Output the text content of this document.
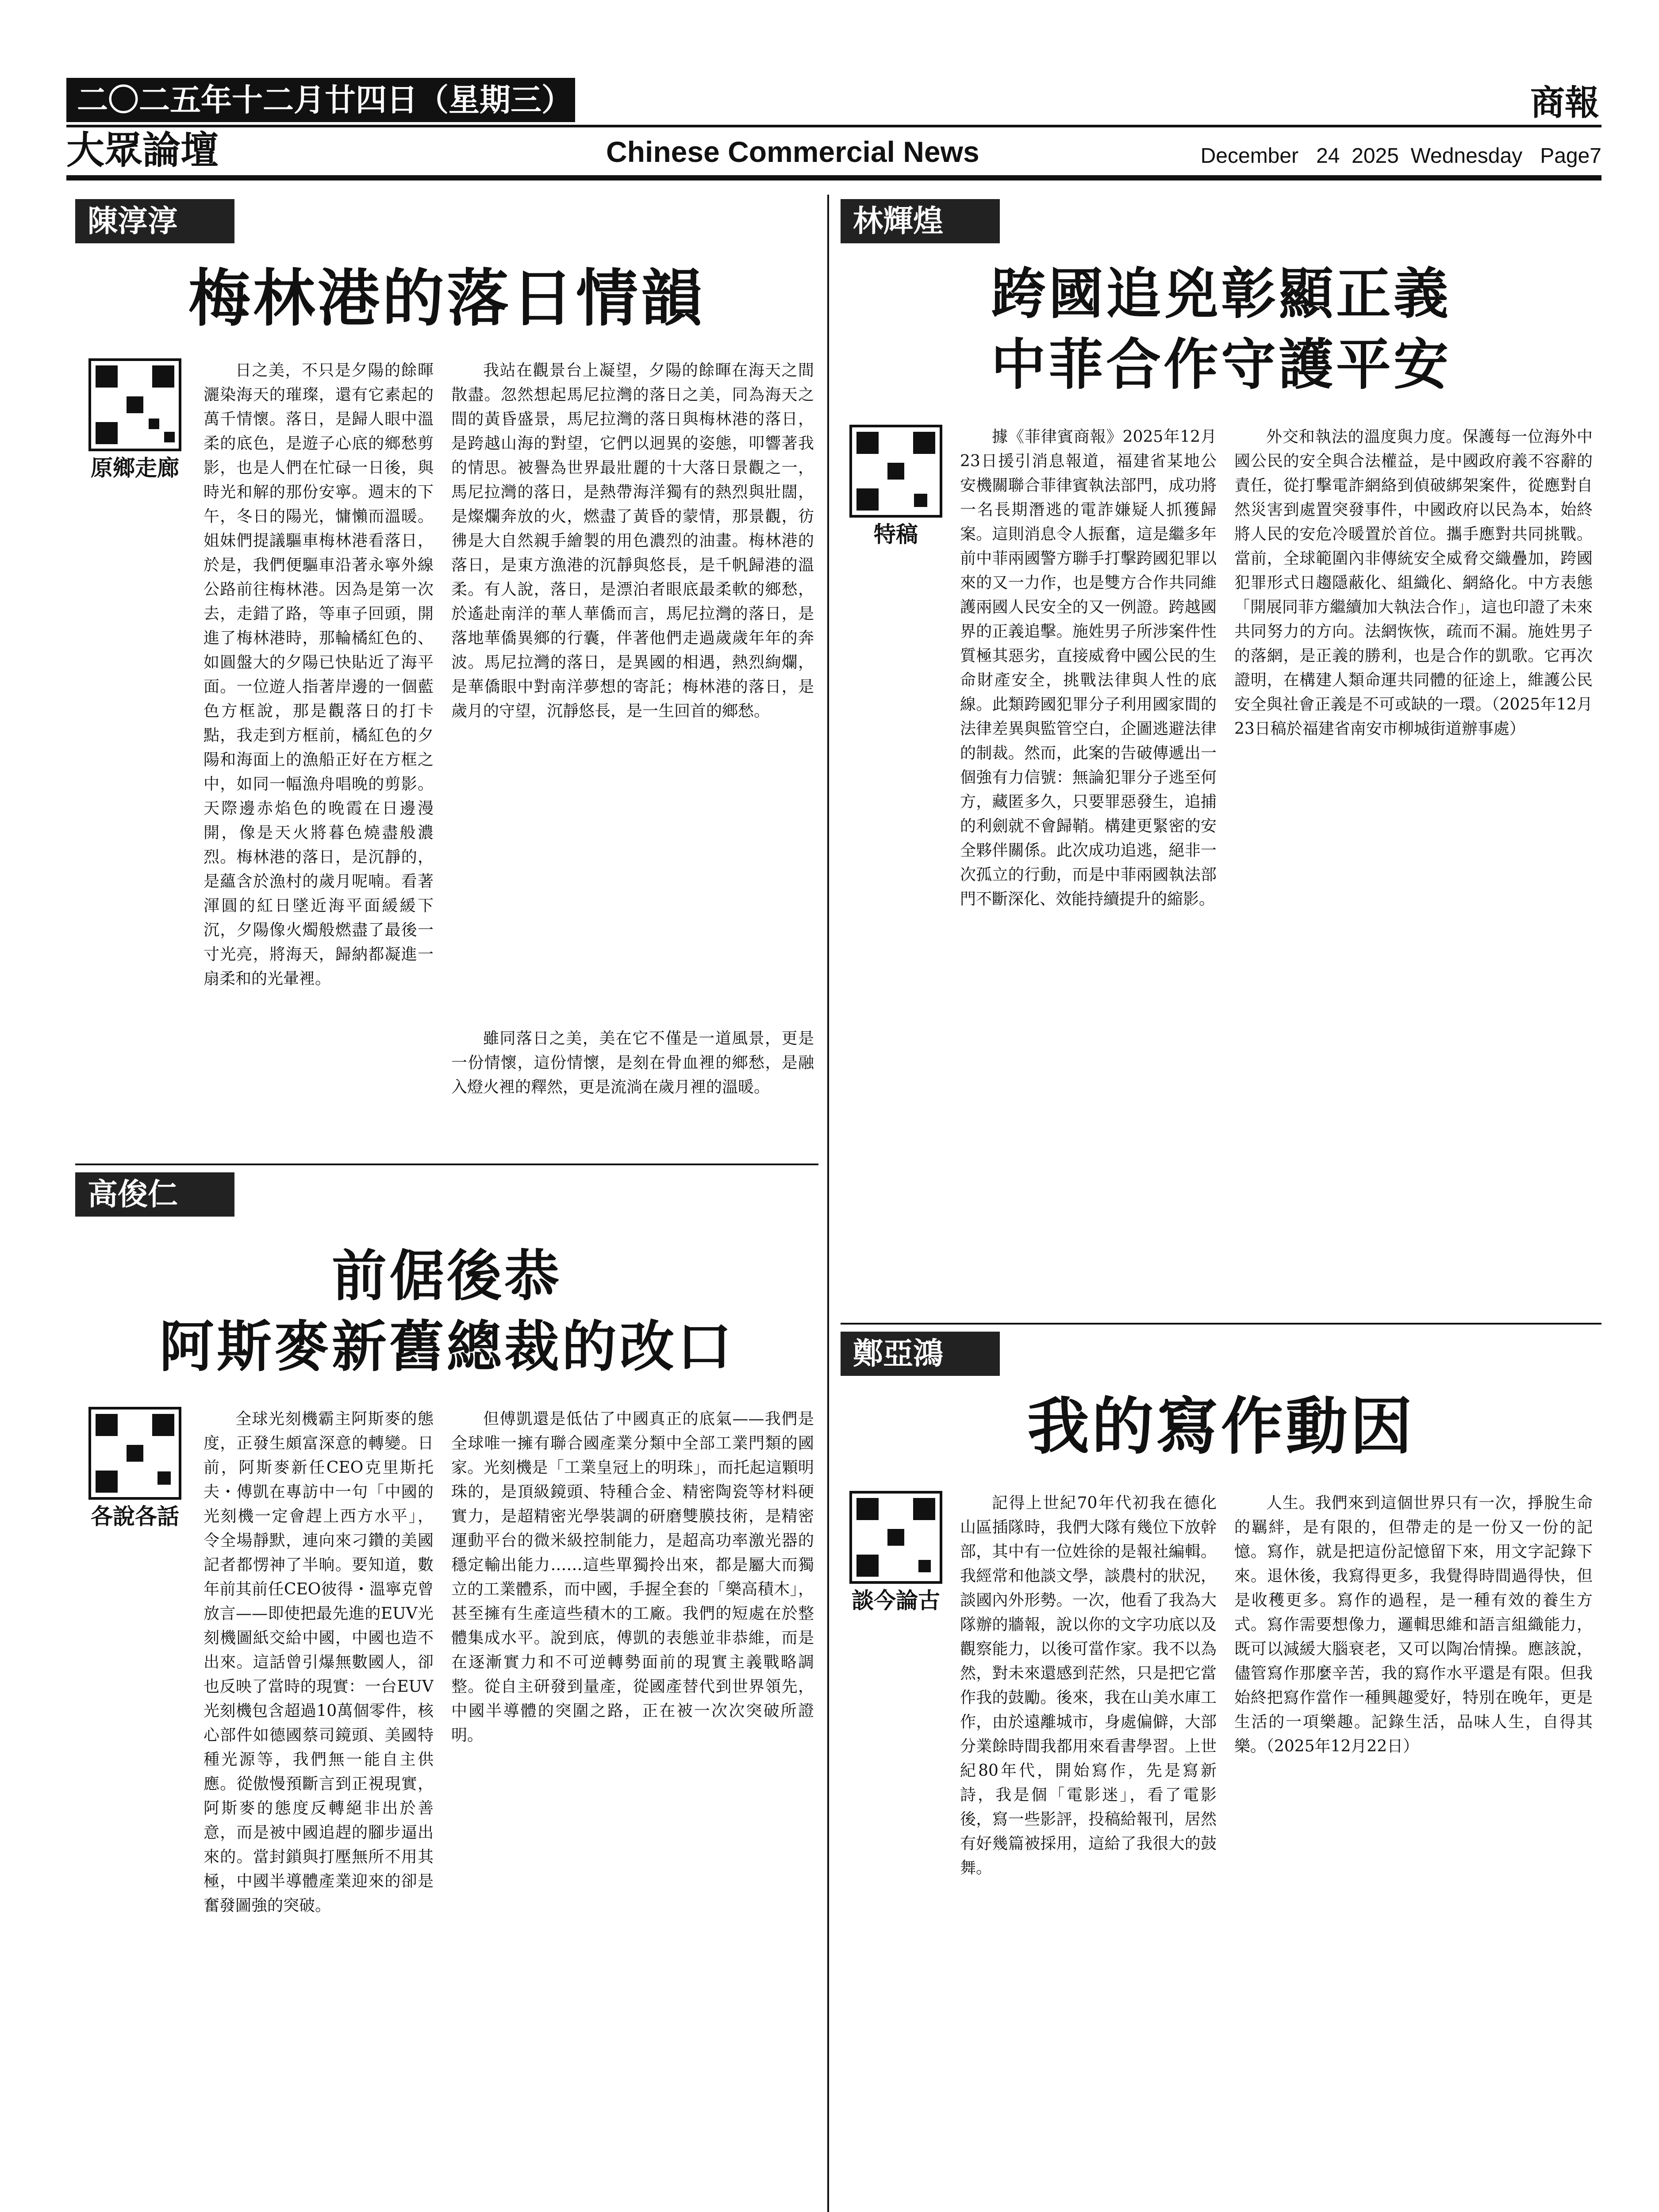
二〇二五年十二月廿四日（星期三）	商報
大眾論壇	Chinese Commercial News	December   24  2025  Wednesday   Page7
陳淳淳
梅林港的落日情韻
原鄉走廊
日之美，不只是夕陽的餘暉灑染海天的璀璨，還有它素起的萬千情懷。落日，是歸人眼中溫柔的底色，是遊子心底的鄉愁剪影，也是人們在忙碌一日後，與時光和解的那份安寧。週末的下午，冬日的陽光，慵懶而溫暖。姐妹們提議驅車梅林港看落日，於是，我們便驅車沿著永寧外線公路前往梅林港。因為是第一次去，走錯了路，等車子回頭，開進了梅林港時，那輪橘紅色的、如圓盤大的夕陽已快貼近了海平面。一位遊人指著岸邊的一個藍色方框說，那是觀落日的打卡點，我走到方框前，橘紅色的夕陽和海面上的漁船正好在方框之中，如同一幅漁舟唱晚的剪影。天際邊赤焰色的晚霞在日邊漫開，像是天火將暮色燒盡般濃烈。梅林港的落日，是沉靜的，是蘊含於漁村的歲月呢喃。看著渾圓的紅日墜近海平面緩緩下沉，夕陽像火燭般燃盡了最後一寸光亮，將海天，歸納都凝進一扇柔和的光暈裡。
我站在觀景台上凝望，夕陽的餘暉在海天之間散盡。忽然想起馬尼拉灣的落日之美，同為海天之間的黃昏盛景，馬尼拉灣的落日與梅林港的落日，是跨越山海的對望，它們以迥異的姿態，叩響著我的情思。被譽為世界最壯麗的十大落日景觀之一，馬尼拉灣的落日，是熱帶海洋獨有的熱烈與壯闊，是燦爛奔放的火，燃盡了黃昏的蒙情，那景觀，彷彿是大自然親手繪製的用色濃烈的油畫。梅林港的落日，是東方漁港的沉靜與悠長，是千帆歸港的溫柔。有人說，落日，是漂泊者眼底最柔軟的鄉愁，於遙赴南洋的華人華僑而言，馬尼拉灣的落日，是落地華僑異鄉的行囊，伴著他們走過歲歲年年的奔波。馬尼拉灣的落日，是異國的相遇，熱烈絢爛，是華僑眼中對南洋夢想的寄託；梅林港的落日，是歲月的守望，沉靜悠長，是一生回首的鄉愁。
雖同落日之美，美在它不僅是一道風景，更是一份情懷，這份情懷，是刻在骨血裡的鄉愁，是融入燈火裡的釋然，更是流淌在歲月裡的溫暖。
高俊仁
前倨後恭
阿斯麥新舊總裁的改口
各說各話
全球光刻機霸主阿斯麥的態度，正發生頗富深意的轉變。日前，阿斯麥新任CEO克里斯托夫・傅凱在專訪中一句「中國的光刻機一定會趕上西方水平」，令全場靜默，連向來刁鑽的美國記者都愣神了半晌。要知道，數年前其前任CEO彼得・溫寧克曾放言——即使把最先進的EUV光刻機圖紙交給中國，中國也造不出來。這話曾引爆無數國人，卻也反映了當時的現實：一台EUV光刻機包含超過10萬個零件，核心部件如德國蔡司鏡頭、美國特種光源等，我們無一能自主供應。從傲慢預斷言到正視現實，阿斯麥的態度反轉絕非出於善意，而是被中國追趕的腳步逼出來的。當封鎖與打壓無所不用其極，中國半導體產業迎來的卻是奮發圖強的突破。
但傅凱還是低估了中國真正的底氣——我們是全球唯一擁有聯合國產業分類中全部工業門類的國家。光刻機是「工業皇冠上的明珠」，而托起這顆明珠的，是頂級鏡頭、特種合金、精密陶瓷等材料硬實力，是超精密光學裝調的研磨雙膜技術，是精密運動平台的微米級控制能力，是超高功率激光器的穩定輸出能力……這些單獨拎出來，都是屬大而獨立的工業體系，而中國，手握全套的「樂高積木」，甚至擁有生產這些積木的工廠。我們的短處在於整體集成水平。說到底，傅凱的表態並非恭維，而是在逐漸實力和不可逆轉勢面前的現實主義戰略調整。從自主研發到量產，從國產替代到世界領先，中國半導體的突圍之路，正在被一次次突破所證明。
林輝煌
跨國追兇彰顯正義
中菲合作守護平安
特稿
據《菲律賓商報》2025年12月23日援引消息報道，福建省某地公安機關聯合菲律賓執法部門，成功將一名長期潛逃的電詐嫌疑人抓獲歸案。這則消息令人振奮，這是繼多年前中菲兩國警方聯手打擊跨國犯罪以來的又一力作，也是雙方合作共同維護兩國人民安全的又一例證。跨越國界的正義追擊。施姓男子所涉案件性質極其惡劣，直接威脅中國公民的生命財產安全，挑戰法律與人性的底線。此類跨國犯罪分子利用國家間的法律差異與監管空白，企圖逃避法律的制裁。然而，此案的告破傳遞出一個強有力信號：無論犯罪分子逃至何方，藏匿多久，只要罪惡發生，追捕的利劍就不會歸鞘。構建更緊密的安全夥伴關係。此次成功追逃，絕非一次孤立的行動，而是中菲兩國執法部門不斷深化、效能持續提升的縮影。
外交和執法的溫度與力度。保護每一位海外中國公民的安全與合法權益，是中國政府義不容辭的責任，從打擊電詐網絡到偵破綁架案件，從應對自然災害到處置突發事件，中國政府以民為本，始終將人民的安危冷暖置於首位。攜手應對共同挑戰。當前，全球範圍內非傳統安全威脅交織疊加，跨國犯罪形式日趨隱蔽化、組織化、網絡化。中方表態「開展同菲方繼續加大執法合作」，這也印證了未來共同努力的方向。法網恢恢，疏而不漏。施姓男子的落網，是正義的勝利，也是合作的凱歌。它再次證明，在構建人類命運共同體的征途上，維護公民安全與社會正義是不可或缺的一環。（2025年12月23日稿於福建省南安市柳城街道辦事處）
鄭亞鴻
我的寫作動因
談今論古
記得上世紀70年代初我在德化山區插隊時，我們大隊有幾位下放幹部，其中有一位姓徐的是報社編輯。我經常和他談文學，談農村的狀況，談國內外形勢。一次，他看了我為大隊辦的牆報，說以你的文字功底以及觀察能力，以後可當作家。我不以為然，對未來還感到茫然，只是把它當作我的鼓勵。後來，我在山美水庫工作，由於遠離城市，身處偏僻，大部分業餘時間我都用來看書學習。上世紀80年代，開始寫作，先是寫新詩，我是個「電影迷」，看了電影後，寫一些影評，投稿給報刊，居然有好幾篇被採用，這給了我很大的鼓舞。
人生。我們來到這個世界只有一次，掙脫生命的羈絆，是有限的，但帶走的是一份又一份的記憶。寫作，就是把這份記憶留下來，用文字記錄下來。退休後，我寫得更多，我覺得時間過得快，但是收穫更多。寫作的過程，是一種有效的養生方式。寫作需要想像力，邏輯思維和語言組織能力，既可以減緩大腦衰老，又可以陶冶情操。應該說，儘管寫作那麼辛苦，我的寫作水平還是有限。但我始終把寫作當作一種興趣愛好，特別在晚年，更是生活的一項樂趣。記錄生活，品味人生，自得其樂。（2025年12月22日）
